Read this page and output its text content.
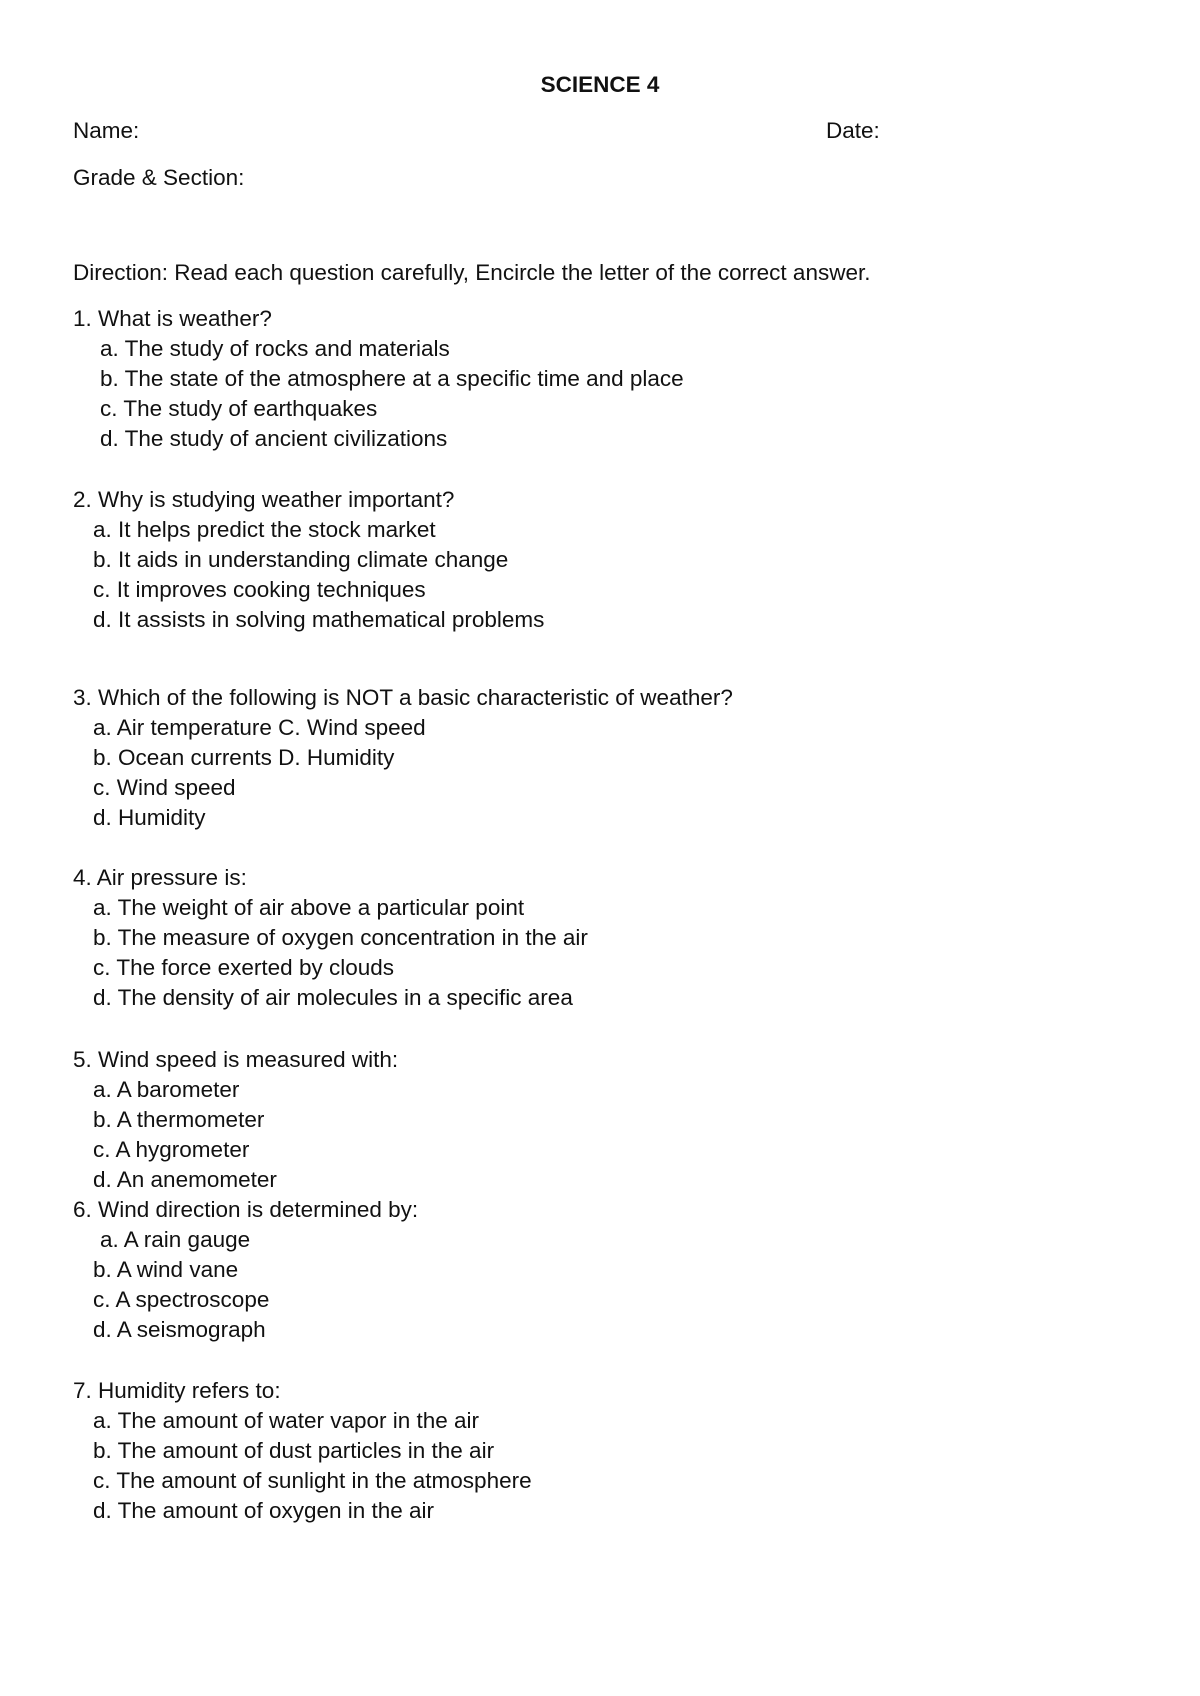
SCIENCE 4
Name:	Date:
Grade & Section:
Direction: Read each question carefully, Encircle the letter of the correct answer.
1. What is weather?
a. The study of rocks and materials
b. The state of the atmosphere at a specific time and place
c. The study of earthquakes
d. The study of ancient civilizations
2. Why is studying weather important?
a. It helps predict the stock market
b. It aids in understanding climate change
c. It improves cooking techniques
d. It assists in solving mathematical problems
3. Which of the following is NOT a basic characteristic of weather?
a. Air temperature C. Wind speed
b. Ocean currents D. Humidity
c. Wind speed
d. Humidity
4. Air pressure is:
a. The weight of air above a particular point
b. The measure of oxygen concentration in the air
c. The force exerted by clouds
d. The density of air molecules in a specific area
5. Wind speed is measured with:
a. A barometer
b. A thermometer
c. A hygrometer
d. An anemometer
6. Wind direction is determined by:
a. A rain gauge
b. A wind vane
c. A spectroscope
d. A seismograph
7. Humidity refers to:
a. The amount of water vapor in the air
b. The amount of dust particles in the air
c. The amount of sunlight in the atmosphere
d. The amount of oxygen in the air
